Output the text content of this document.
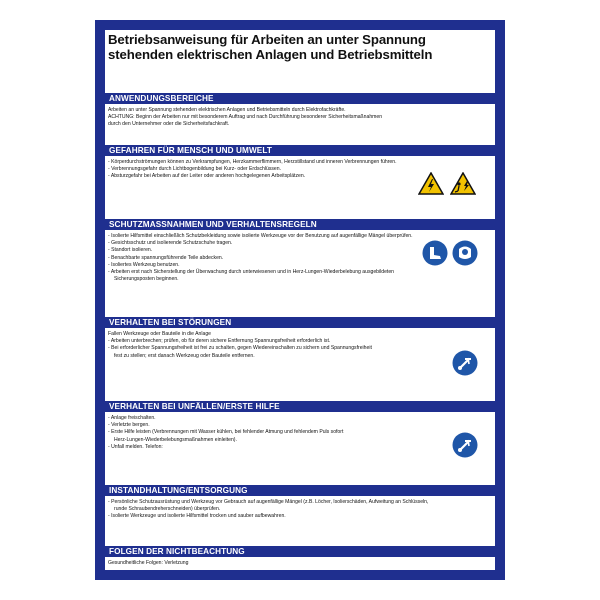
Betriebsanweisung für Arbeiten an unter Spannung
stehenden elektrischen Anlagen und Betriebsmitteln
ANWENDUNGSBEREICHE
Arbeiten an unter Spannung stehenden elektrischen Anlagen und Betriebsmitteln durch Elektrofachkräfte.
ACHTUNG: Beginn der Arbeiten nur mit besonderem Auftrag und nach Durchführung besonderer Sicherheitsmaßnahmen
durch den Unternehmer oder die Sicherheitsfachkraft.
GEFAHREN FÜR MENSCH UND UMWELT
- Körperdurchströmungen können zu Verkrampfungen, Herzkammerflimmern, Herzstillstand und inneren Verbrennungen führen.
- Verbrennungsgefahr durch Lichtbogenbildung bei Kurz- oder Erdschlüssen.
- Absturzgefahr bei Arbeiten auf der Leiter oder anderen hochgelegenen Arbeitsplätzen.
SCHUTZMASSNAHMEN UND VERHALTENSREGELN
- Isolierte Hilfsmittel einschließlich Schutzbekleidung sowie isolierte Werkzeuge vor der Benutzung auf augenfällige Mängel überprüfen.
- Gesichtsschutz und isolierende Schutzschuhe tragen.
- Standort isolieren.
- Benachbarte spannungsführende Teile abdecken.
- Isoliertes Werkzeug benutzen.
- Arbeiten erst nach Sicherstellung der Überwachung durch unterwiesenen und in Herz-Lungen-Wiederbelebung ausgebildeten
Sicherungsposten beginnen.
VERHALTEN BEI STÖRUNGEN
Fallen Werkzeuge oder Bauteile in die Anlage
- Arbeiten unterbrechen; prüfen, ob für deren sichere Entfernung Spannungsfreiheit erforderlich ist.
- Bei erforderlicher Spannungsfreiheit ist frei zu schalten, gegen Wiedereinschalten zu sichern und Spannungsfreiheit
fest zu stellen; erst danach Werkzeug oder Bauteile entfernen.
VERHALTEN BEI UNFÄLLEN/ERSTE HILFE
- Anlage freischalten.
- Verletzte bergen.
- Erste Hilfe leisten (Verbrennungen mit Wasser kühlen, bei fehlender Atmung und fehlendem Puls sofort
Herz-Lungen-Wiederbelebungsmaßnahmen einleiten).
- Unfall melden. Telefon:
INSTANDHALTUNG/ENTSORGUNG
- Persönliche Schutzausrüstung und Werkzeug vor Gebrauch auf augenfällige Mängel (z.B. Löcher, Isolierschäden, Aufweitung an Schlüsseln,
runde Schraubendreherschneiden) überprüfen.
- Isolierte Werkzeuge und isolierte Hilfsmittel trocken und sauber aufbewahren.
FOLGEN DER NICHTBEACHTUNG
Gesundheitliche Folgen: Verletzung
